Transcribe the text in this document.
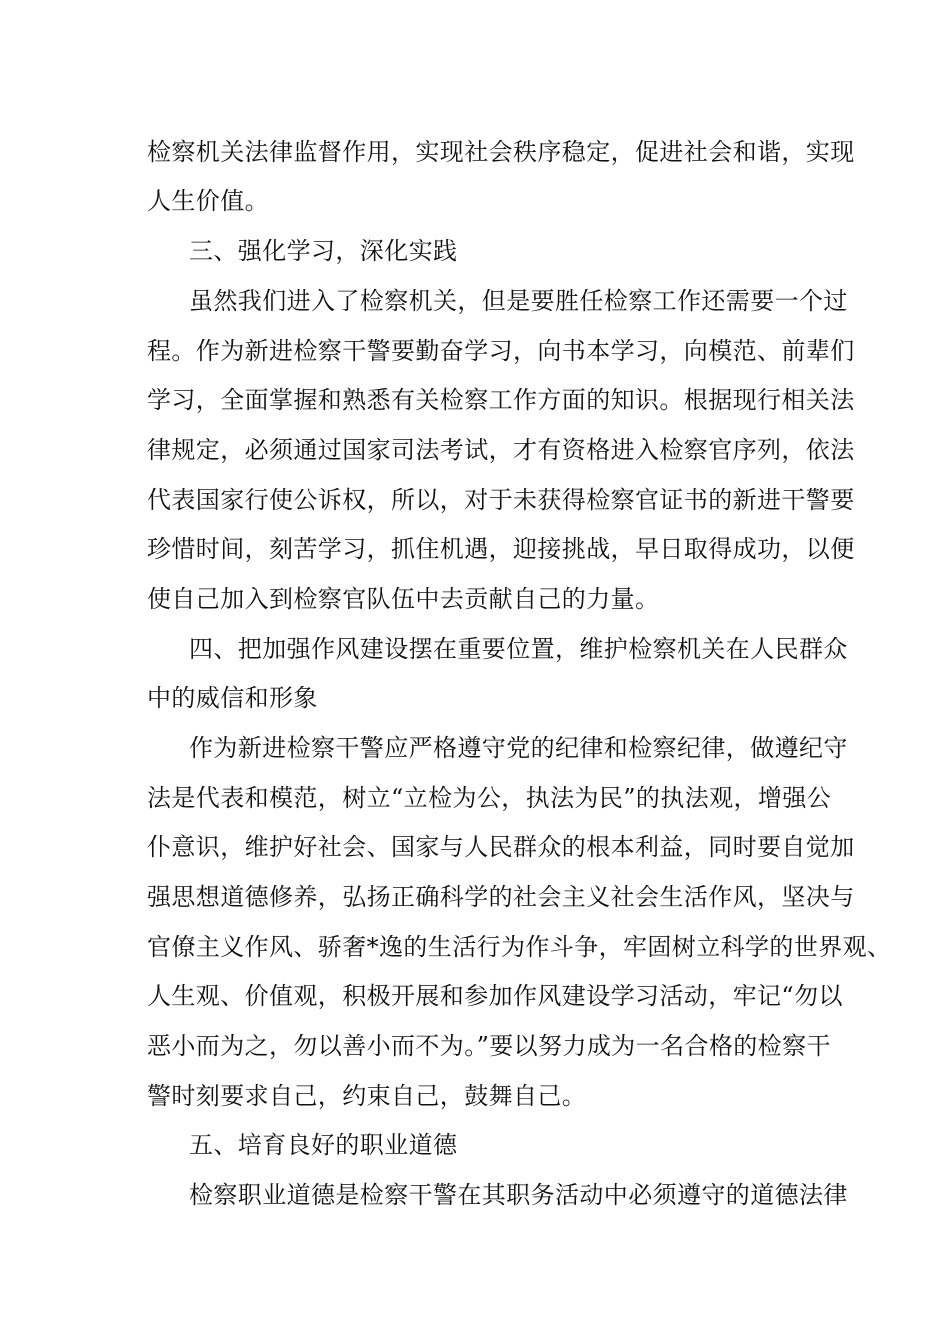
检察机关法律监督作用，实现社会秩序稳定，促进社会和谐，实现
人生价值。
三、强化学习，深化实践
虽然我们进入了检察机关，但是要胜任检察工作还需要一个过
程。作为新进检察干警要勤奋学习，向书本学习，向模范、前辈们
学习，全面掌握和熟悉有关检察工作方面的知识。根据现行相关法
律规定，必须通过国家司法考试，才有资格进入检察官序列，依法
代表国家行使公诉权，所以，对于未获得检察官证书的新进干警要
珍惜时间，刻苦学习，抓住机遇，迎接挑战，早日取得成功，以便
使自己加入到检察官队伍中去贡献自己的力量。
四、把加强作风建设摆在重要位置，维护检察机关在人民群众
中的威信和形象
作为新进检察干警应严格遵守党的纪律和检察纪律，做遵纪守
法是代表和模范，树立“立检为公，执法为民”的执法观，增强公
仆意识，维护好社会、国家与人民群众的根本利益，同时要自觉加
强思想道德修养，弘扬正确科学的社会主义社会生活作风，坚决与
官僚主义作风、骄奢*逸的生活行为作斗争，牢固树立科学的世界观、
人生观、价值观，积极开展和参加作风建设学习活动，牢记“勿以
恶小而为之，勿以善小而不为。”要以努力成为一名合格的检察干
警时刻要求自己，约束自己，鼓舞自己。
五、培育良好的职业道德
检察职业道德是检察干警在其职务活动中必须遵守的道德法律
